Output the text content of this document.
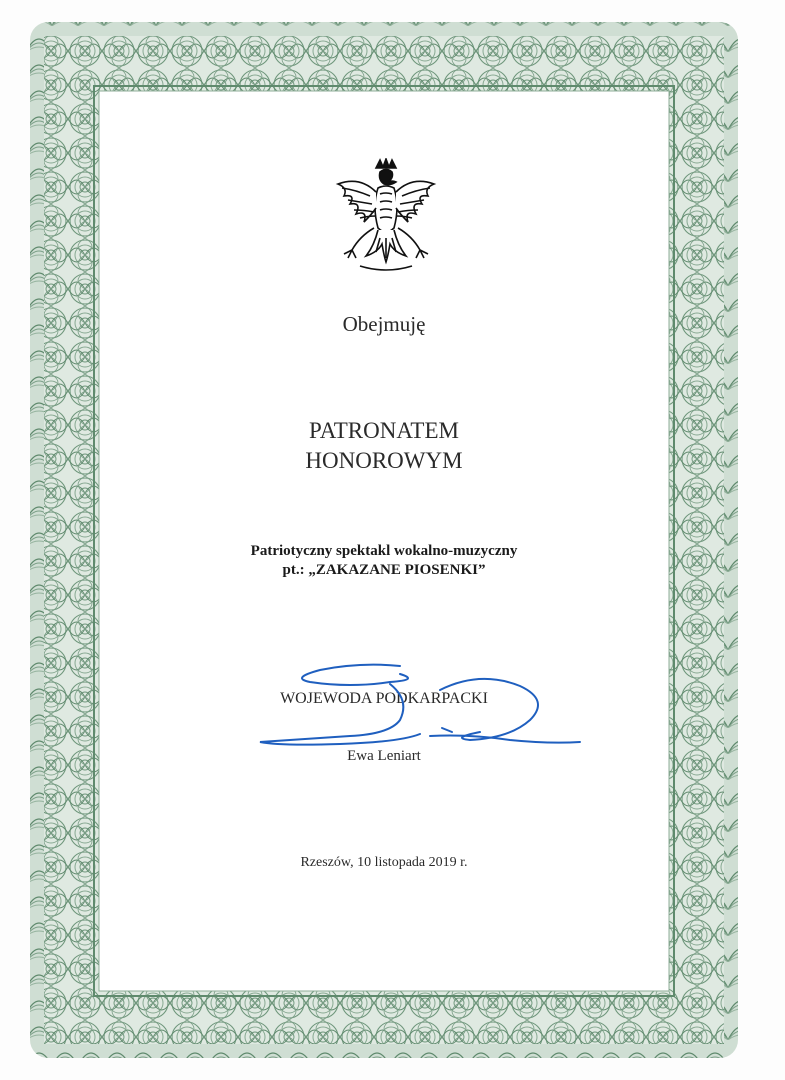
Obejmuję
PATRONATEM
HONOROWYM
Patriotyczny spektakl wokalno-muzyczny
pt.: „ZAKAZANE PIOSENKI”
WOJEWODA PODKARPACKI
Ewa Leniart
Rzeszów, 10 listopada 2019 r.
